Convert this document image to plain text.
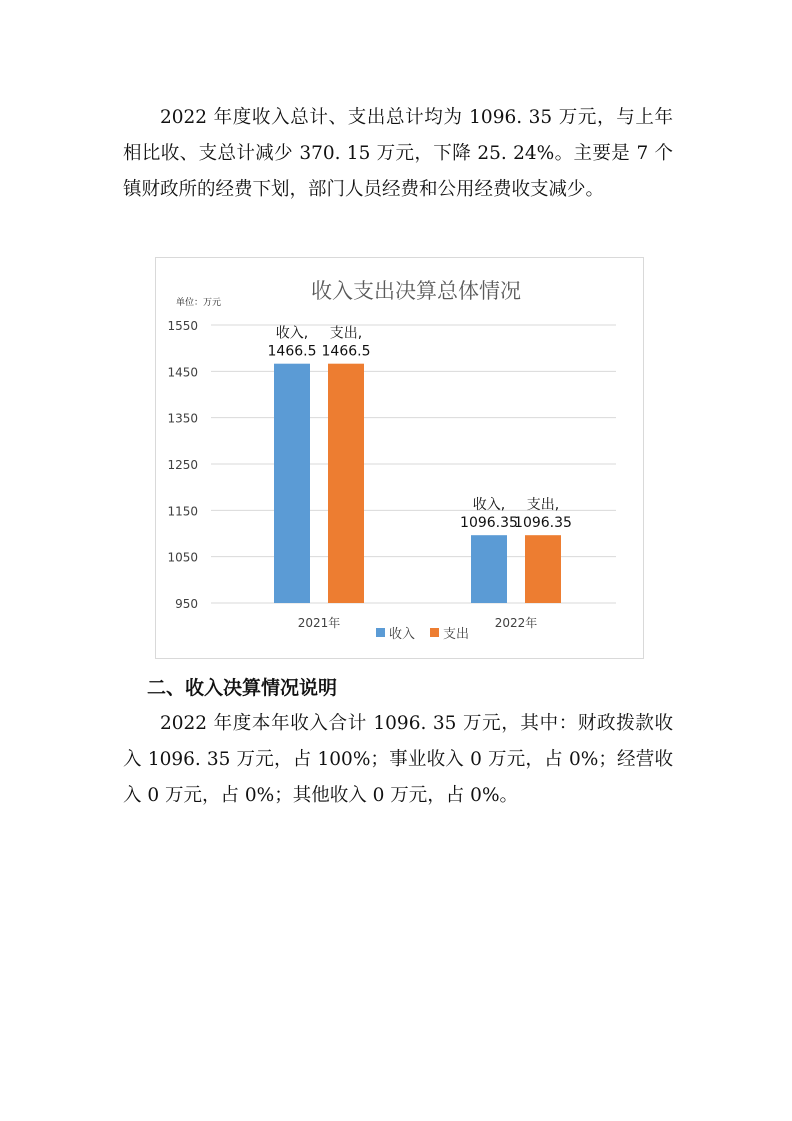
2022 年度收入总计、支出总计均为 1096. 35 万元，与上年相比收、支总计减少 370. 15 万元，下降 25. 24%。主要是 7 个镇财政所的经费下划，部门人员经费和公用经费收支减少。

收入支出决算总体情况
单位：万元
950
1050
1150
1250
1350
1450
1550	收入,
1466.5
支出,
1466.5
收入,
1096.35
支出,
1096.35
2021年	2022年
收入 支出
二、收入决算情况说明

2022 年度本年收入合计 1096. 35 万元，其中：财政拨款收入 1096. 35 万元，占 100%；事业收入 0 万元，占 0%；经营收入 0 万元，占 0%；其他收入 0 万元，占 0%。
